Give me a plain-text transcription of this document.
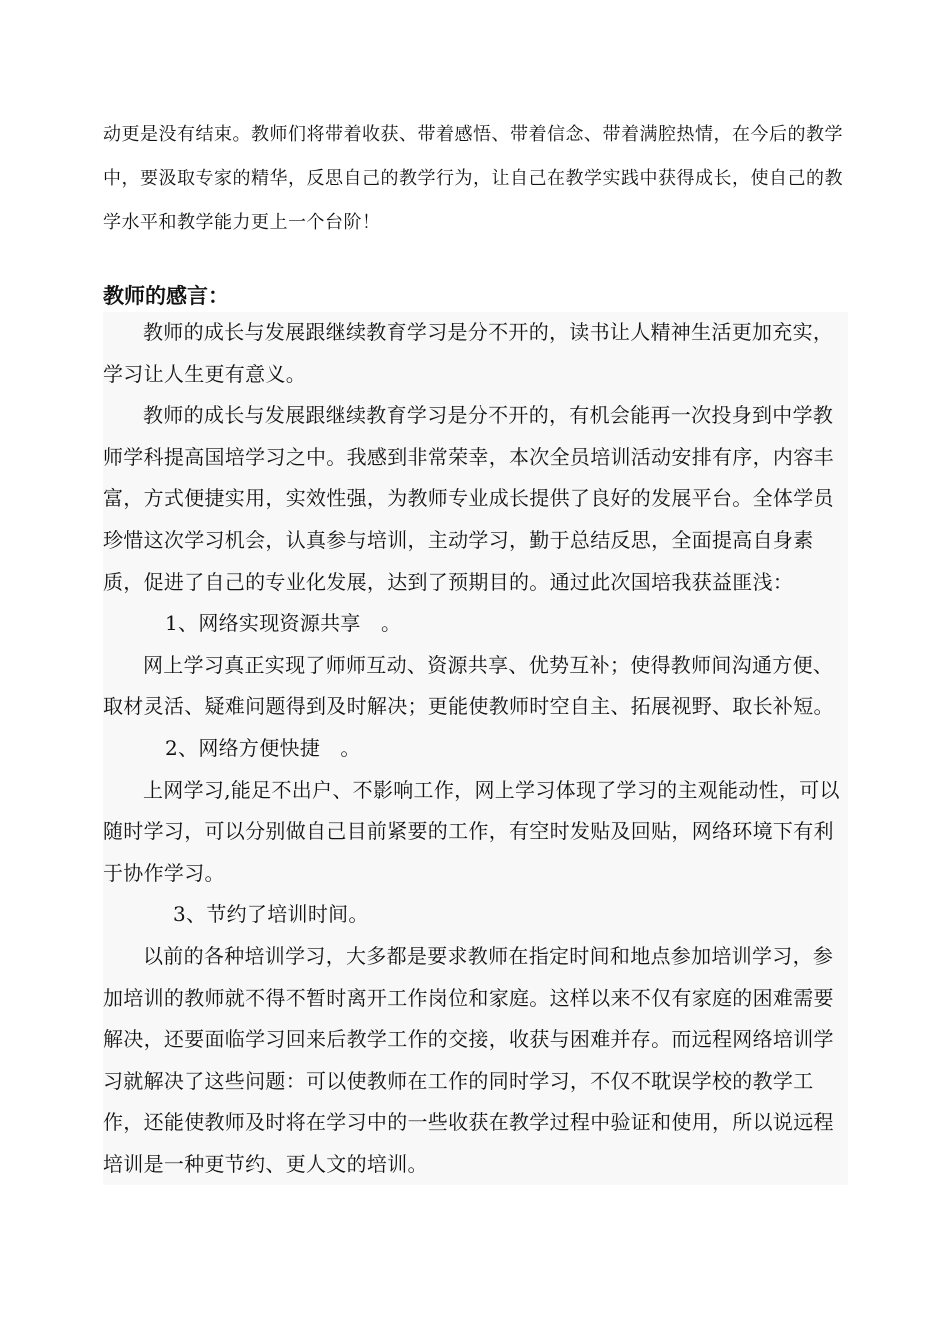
动更是没有结束。教师们将带着收获、带着感悟、带着信念、带着满腔热情，在今后的教学

中，要汲取专家的精华，反思自己的教学行为，让自己在教学实践中获得成长，使自己的教

学水平和教学能力更上一个台阶！

教师的感言：

教师的成长与发展跟继续教育学习是分不开的，读书让人精神生活更加充实，学习让人生更有意义。

教师的成长与发展跟继续教育学习是分不开的，有机会能再一次投身到中学教师学科提高国培学习之中。我感到非常荣幸，本次全员培训活动安排有序，内容丰富，方式便捷实用，实效性强，为教师专业成长提供了良好的发展平台。全体学员珍惜这次学习机会，认真参与培训，主动学习，勤于总结反思，全面提高自身素质，促进了自己的专业化发展，达到了预期目的。通过此次国培我获益匪浅：

1、网络实现资源共享　。

网上学习真正实现了师师互动、资源共享、优势互补；使得教师间沟通方便、取材灵活、疑难问题得到及时解决；更能使教师时空自主、拓展视野、取长补短。

2、网络方便快捷　。

上网学习,能足不出户、不影响工作，网上学习体现了学习的主观能动性，可以随时学习，可以分别做自己目前紧要的工作，有空时发贴及回贴，网络环境下有利于协作学习。

3、节约了培训时间。

以前的各种培训学习，大多都是要求教师在指定时间和地点参加培训学习，参加培训的教师就不得不暂时离开工作岗位和家庭。这样以来不仅有家庭的困难需要解决，还要面临学习回来后教学工作的交接，收获与困难并存。而远程网络培训学习就解决了这些问题：可以使教师在工作的同时学习，不仅不耽误学校的教学工作，还能使教师及时将在学习中的一些收获在教学过程中验证和使用，所以说远程培训是一种更节约、更人文的培训。
